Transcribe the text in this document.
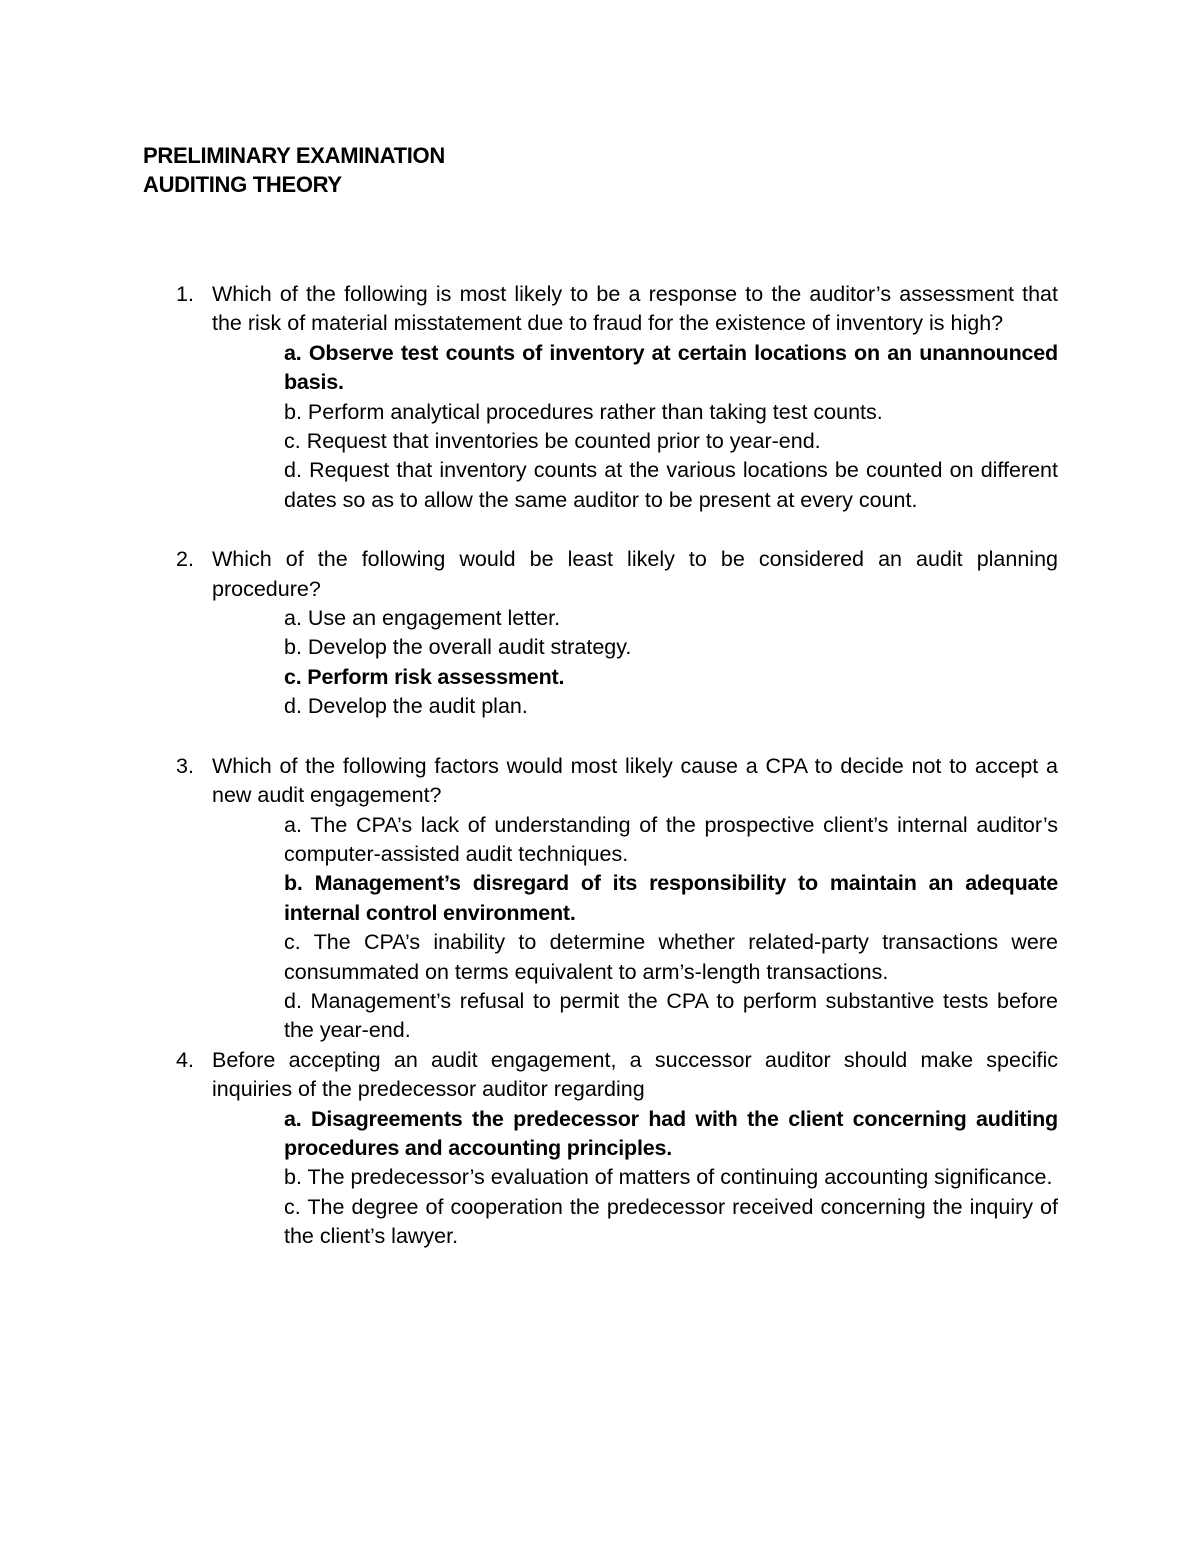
PRELIMINARY EXAMINATION
AUDITING THEORY
1. Which of the following is most likely to be a response to the auditor’s assessment that the risk of material misstatement due to fraud for the existence of inventory is high?
a. Observe test counts of inventory at certain locations on an unannounced basis.
b. Perform analytical procedures rather than taking test counts.
c. Request that inventories be counted prior to year-end.
d. Request that inventory counts at the various locations be counted on different dates so as to allow the same auditor to be present at every count.
2. Which of the following would be least likely to be considered an audit planning procedure?
a. Use an engagement letter.
b. Develop the overall audit strategy.
c. Perform risk assessment.
d. Develop the audit plan.
3. Which of the following factors would most likely cause a CPA to decide not to accept a new audit engagement?
a. The CPA’s lack of understanding of the prospective client’s internal auditor’s computer-assisted audit techniques.
b. Management’s disregard of its responsibility to maintain an adequate internal control environment.
c. The CPA’s inability to determine whether related-party transactions were consummated on terms equivalent to arm’s-length transactions.
d. Management’s refusal to permit the CPA to perform substantive tests before the year-end.
4. Before accepting an audit engagement, a successor auditor should make specific inquiries of the predecessor auditor regarding
a. Disagreements the predecessor had with the client concerning auditing procedures and accounting principles.
b. The predecessor’s evaluation of matters of continuing accounting significance.
c. The degree of cooperation the predecessor received concerning the inquiry of the client’s lawyer.
